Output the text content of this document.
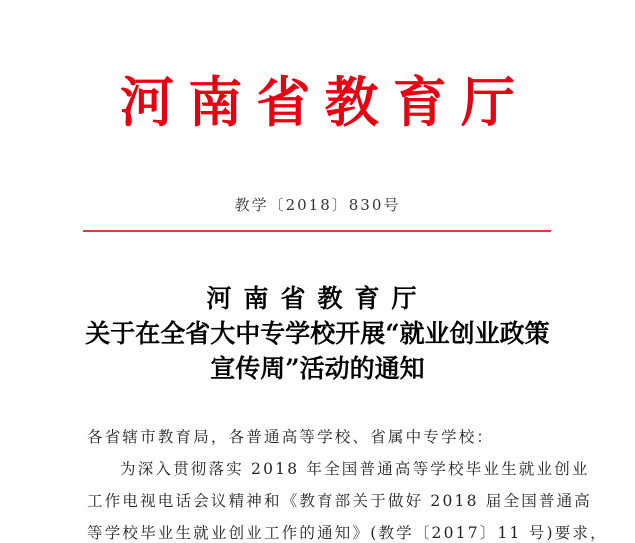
河 南 省 教 育 厅
教学〔2018〕830号
河南省教育厅
关于在全省大中专学校开展“就业创业政策
宣传周”活动的通知
各省辖市教育局，各普通高等学校、省属中专学校：
为深入贯彻落实 2018 年全国普通高等学校毕业生就业创业
工作电视电话会议精神和《教育部关于做好 2018 届全国普通高
等学校毕业生就业创业工作的通知》(教学〔2017〕11 号)要求，
